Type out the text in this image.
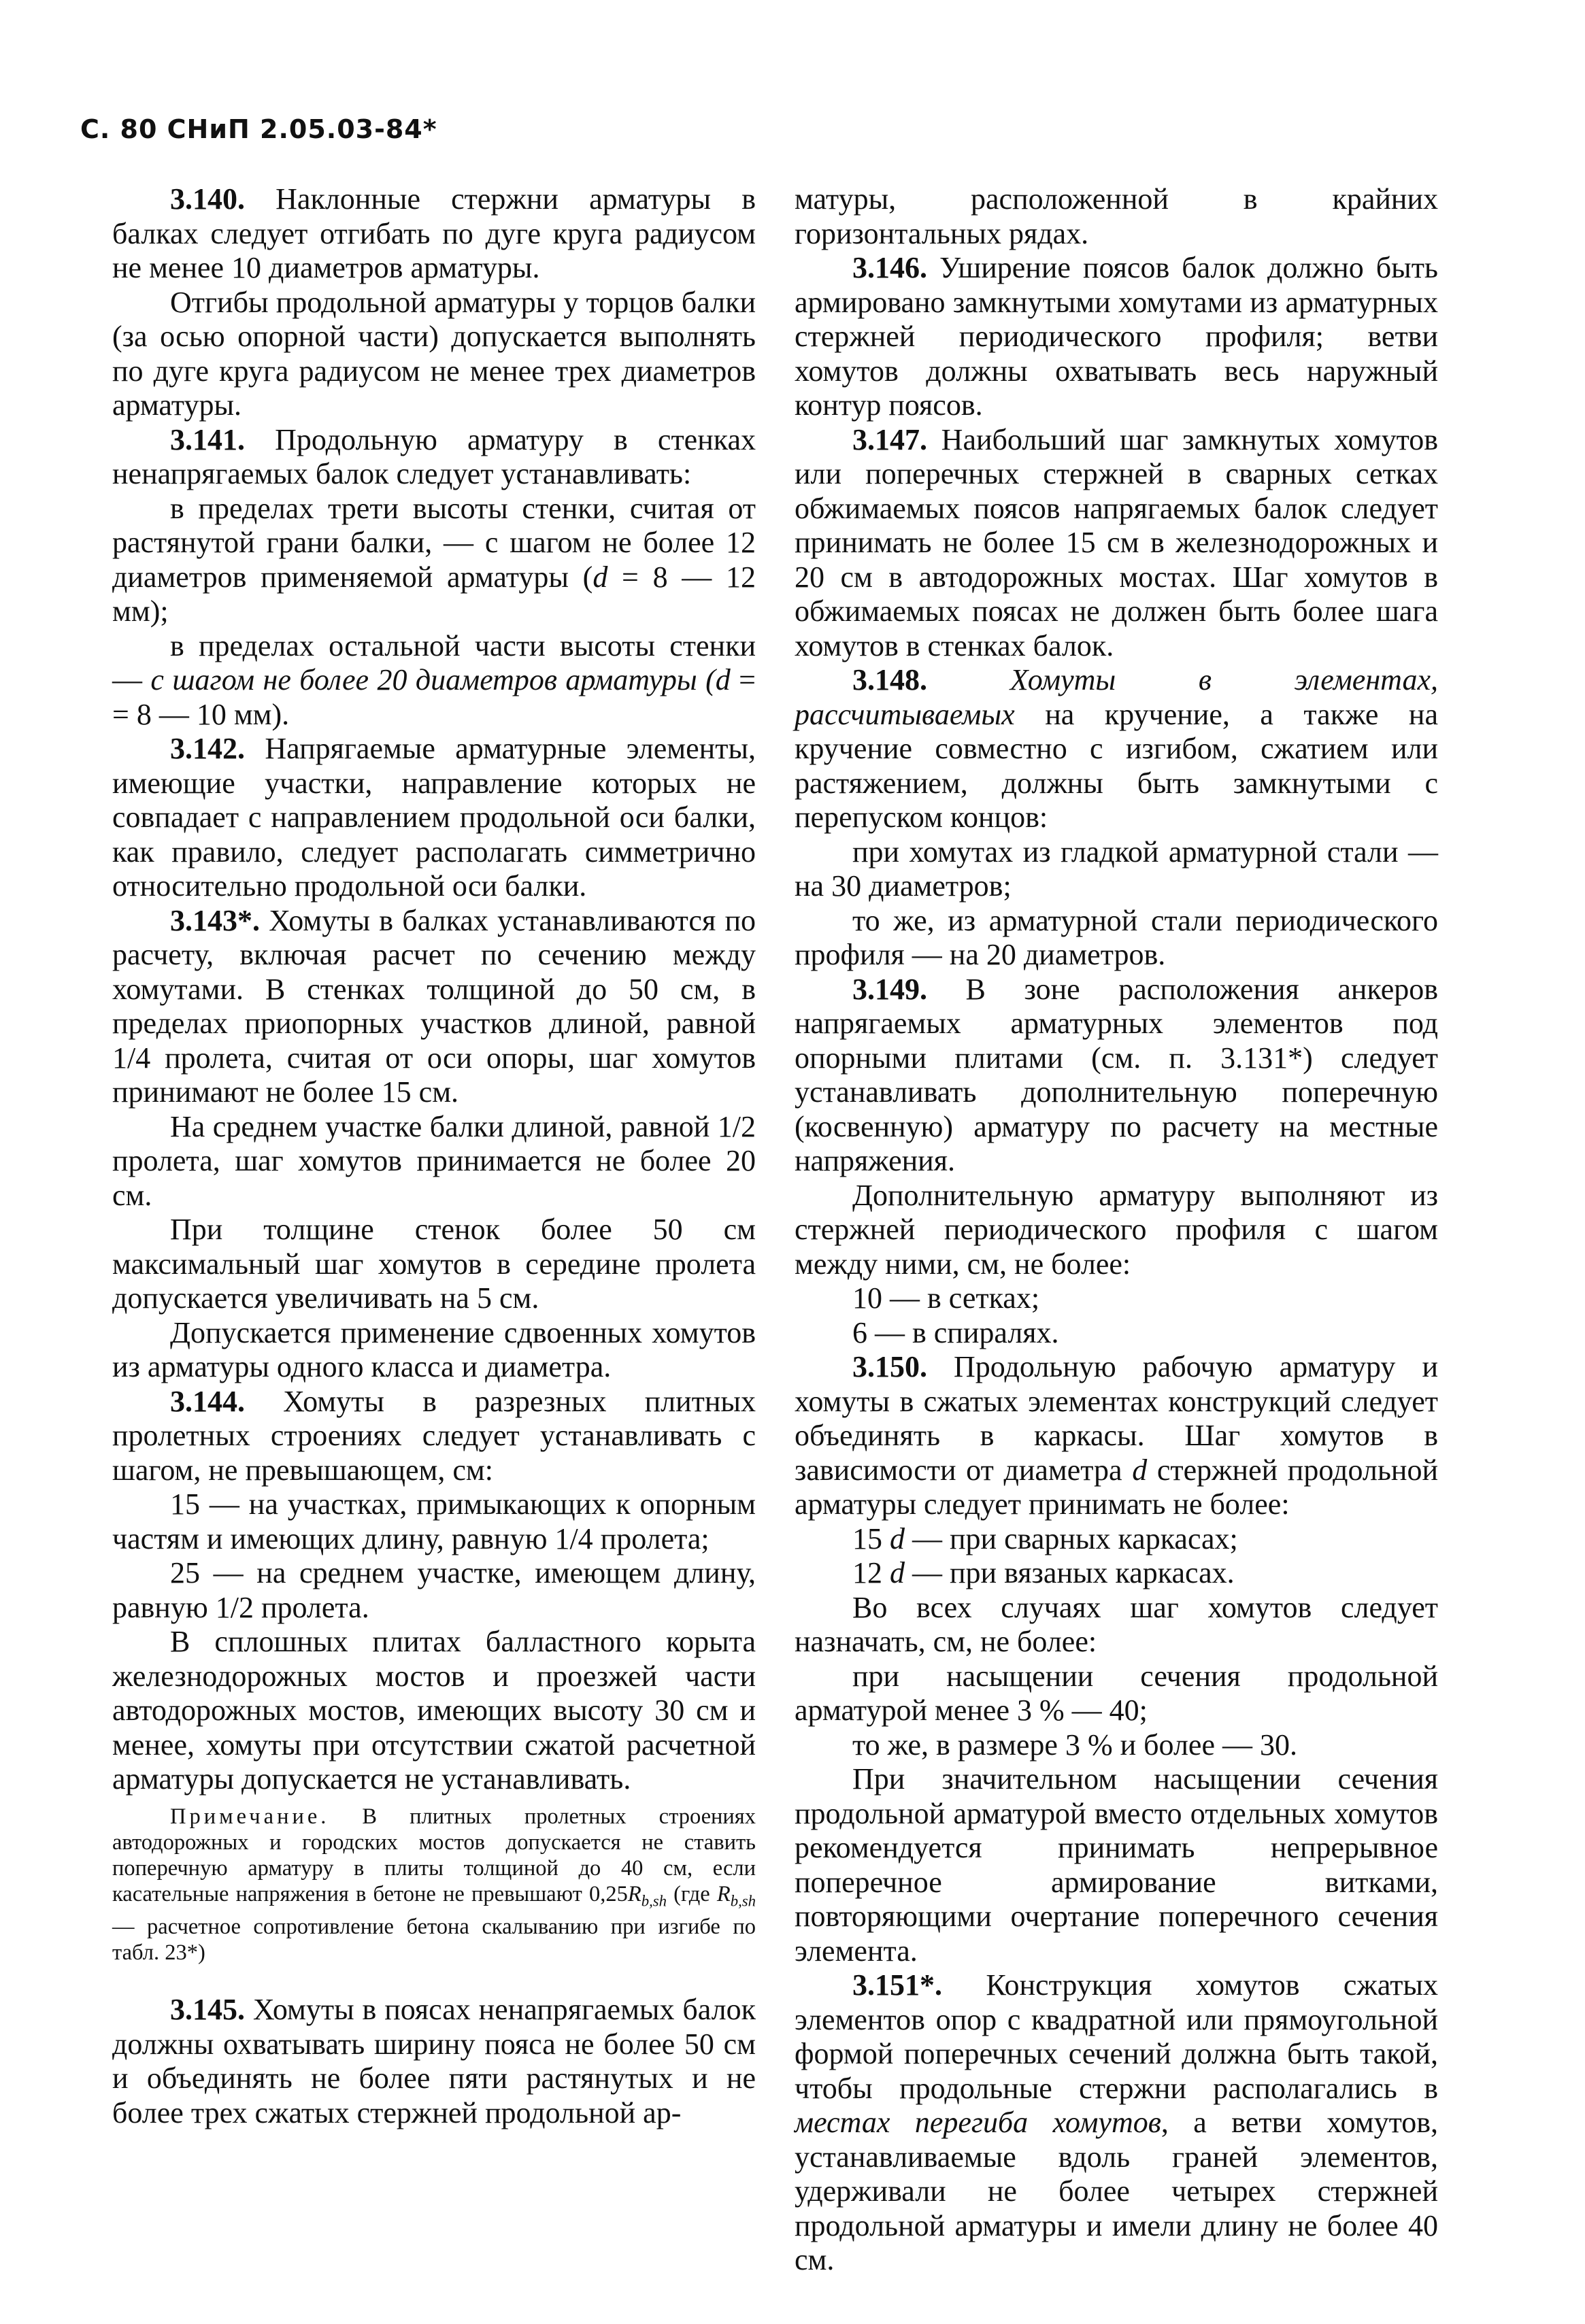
С. 80 СНиП 2.05.03-84*

3.140. Наклонные стержни арматуры в балках следует отгибать по дуге круга радиусом не менее 10 диаметров арматуры.

Отгибы продольной арматуры у торцов балки (за осью опорной части) допускается выполнять по дуге круга радиусом не менее трех диаметров арматуры.

3.141. Продольную арматуру в стенках ненапрягаемых балок следует устанавливать:

в пределах трети высоты стенки, считая от растянутой грани балки, — с шагом не более 12 диаметров применяемой арматуры (d = 8 — 12 мм);

в пределах остальной части высоты стенки — с шагом не более 20 диаметров арматуры (d = = 8 — 10 мм).

3.142. Напрягаемые арматурные элементы, имеющие участки, направление которых не совпадает с направлением продольной оси балки, как правило, следует располагать симметрично относительно продольной оси балки.

3.143*. Хомуты в балках устанавливаются по расчету, включая расчет по сечению между хомутами. В стенках толщиной до 50 см, в пределах приопорных участков длиной, равной 1/4 пролета, считая от оси опоры, шаг хомутов принимают не более 15 см.

На среднем участке балки длиной, равной 1/2 пролета, шаг хомутов принимается не более 20 см.

При толщине стенок более 50 см максимальный шаг хомутов в середине пролета допускается увеличивать на 5 см.

Допускается применение сдвоенных хомутов из арматуры одного класса и диаметра.

3.144. Хомуты в разрезных плитных пролетных строениях следует устанавливать с шагом, не превышающем, см:

15 — на участках, примыкающих к опорным частям и имеющих длину, равную 1/4 пролета;

25 — на среднем участке, имеющем длину, равную 1/2 пролета.

В сплошных плитах балластного корыта железнодорожных мостов и проезжей части автодорожных мостов, имеющих высоту 30 см и менее, хомуты при отсутствии сжатой расчетной арматуры допускается не устанавливать.

Примечание. В плитных пролетных строениях автодорожных и городских мостов допускается не ставить поперечную арматуру в плиты толщиной до 40 см, если касательные напряжения в бетоне не превышают $0,25R_{b,sh}$ (где $R_{b,sh}$ — расчетное сопротивление бетона скалыванию при изгибе по табл. 23*)

3.145. Хомуты в поясах ненапрягаемых балок должны охватывать ширину пояса не более 50 см и объединять не более пяти растянутых и не более трех сжатых стержней продольной ар-

матуры, расположенной в крайних горизонтальных рядах.

3.146. Уширение поясов балок должно быть армировано замкнутыми хомутами из арматурных стержней периодического профиля; ветви хомутов должны охватывать весь наружный контур поясов.

3.147. Наибольший шаг замкнутых хомутов или поперечных стержней в сварных сетках обжимаемых поясов напрягаемых балок следует принимать не более 15 см в железнодорожных и 20 см в автодорожных мостах. Шаг хомутов в обжимаемых поясах не должен быть более шага хомутов в стенках балок.

3.148. Хомуты в элементах, рассчитываемых на кручение, а также на кручение совместно с изгибом, сжатием или растяжением, должны быть замкнутыми с перепуском концов:

при хомутах из гладкой арматурной стали — на 30 диаметров;

то же, из арматурной стали периодического профиля — на 20 диаметров.

3.149. В зоне расположения анкеров напрягаемых арматурных элементов под опорными плитами (см. п. 3.131*) следует устанавливать дополнительную поперечную (косвенную) арматуру по расчету на местные напряжения.

Дополнительную арматуру выполняют из стержней периодического профиля с шагом между ними, см, не более:

10 — в сетках;

6 — в спиралях.

3.150. Продольную рабочую арматуру и хомуты в сжатых элементах конструкций следует объединять в каркасы. Шаг хомутов в зависимости от диаметра d стержней продольной арматуры следует принимать не более:

15 d — при сварных каркасах;

12 d — при вязаных каркасах.

Во всех случаях шаг хомутов следует назначать, см, не более:

при насыщении сечения продольной арматурой менее 3 % — 40;

то же, в размере 3 % и более — 30.

При значительном насыщении сечения продольной арматурой вместо отдельных хомутов рекомендуется принимать непрерывное поперечное армирование витками, повторяющими очертание поперечного сечения элемента.

3.151*. Конструкция хомутов сжатых элементов опор с квадратной или прямоугольной формой поперечных сечений должна быть такой, чтобы продольные стержни располагались в местах перегиба хомутов, а ветви хомутов, устанавливаемые вдоль граней элементов, удерживали не более четырех стержней продольной арматуры и имели длину не более 40 см.
